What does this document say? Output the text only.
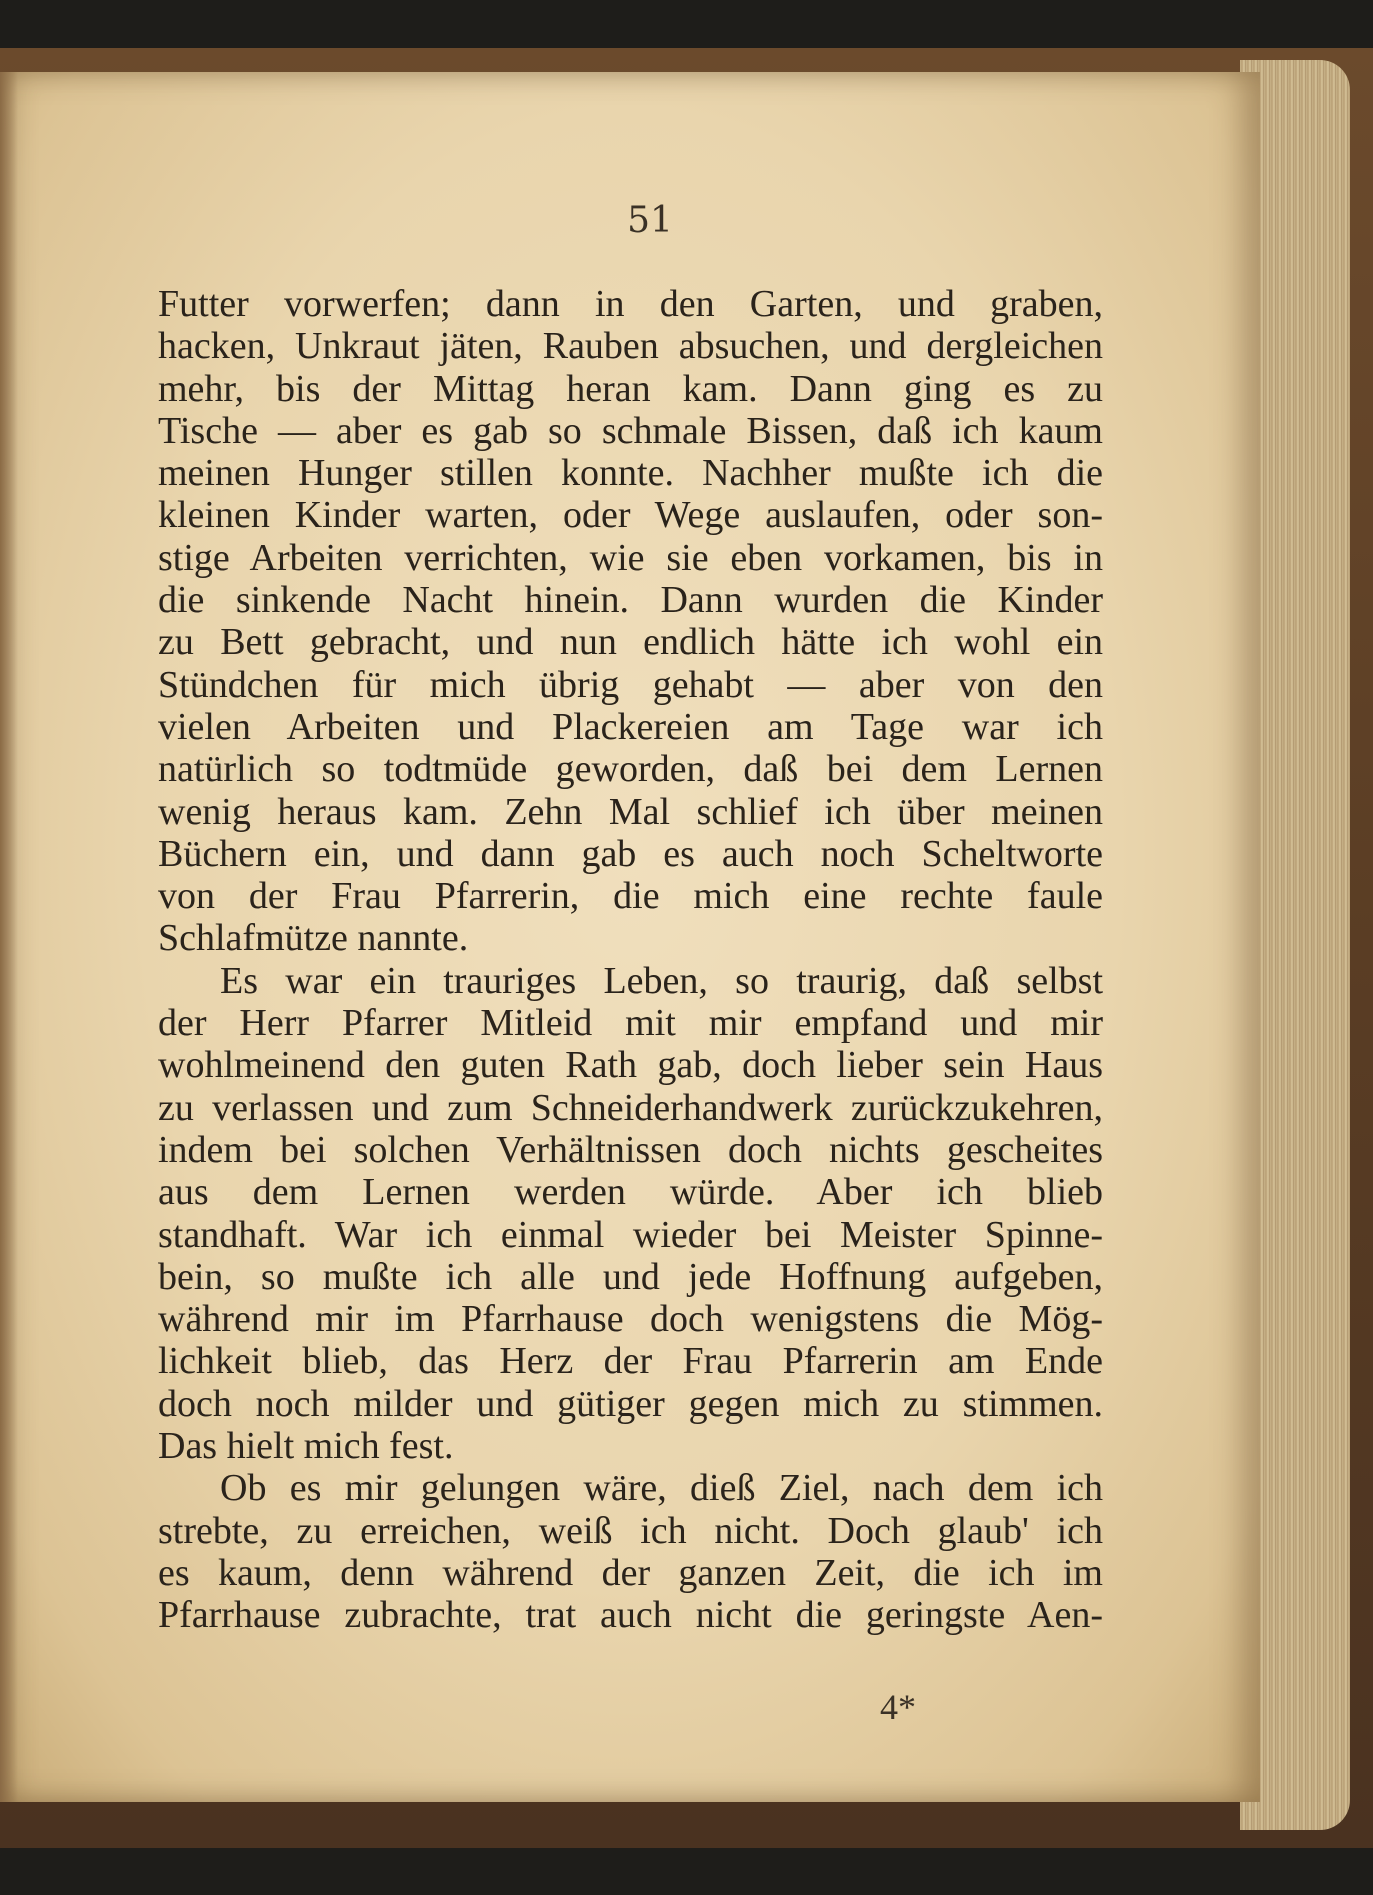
51
Futter vorwerfen; dann in den Garten, und graben,
hacken, Unkraut jäten, Rauben absuchen, und dergleichen
mehr, bis der Mittag heran kam. Dann ging es zu
Tische — aber es gab so schmale Bissen, daß ich kaum
meinen Hunger stillen konnte. Nachher mußte ich die
kleinen Kinder warten, oder Wege auslaufen, oder son-
stige Arbeiten verrichten, wie sie eben vorkamen, bis in
die sinkende Nacht hinein. Dann wurden die Kinder
zu Bett gebracht, und nun endlich hätte ich wohl ein
Stündchen für mich übrig gehabt — aber von den
vielen Arbeiten und Plackereien am Tage war ich
natürlich so todtmüde geworden, daß bei dem Lernen
wenig heraus kam. Zehn Mal schlief ich über meinen
Büchern ein, und dann gab es auch noch Scheltworte
von der Frau Pfarrerin, die mich eine rechte faule
Schlafmütze nannte.
Es war ein trauriges Leben, so traurig, daß selbst
der Herr Pfarrer Mitleid mit mir empfand und mir
wohlmeinend den guten Rath gab, doch lieber sein Haus
zu verlassen und zum Schneiderhandwerk zurückzukehren,
indem bei solchen Verhältnissen doch nichts gescheites
aus dem Lernen werden würde. Aber ich blieb
standhaft. War ich einmal wieder bei Meister Spinne-
bein, so mußte ich alle und jede Hoffnung aufgeben,
während mir im Pfarrhause doch wenigstens die Mög-
lichkeit blieb, das Herz der Frau Pfarrerin am Ende
doch noch milder und gütiger gegen mich zu stimmen.
Das hielt mich fest.
Ob es mir gelungen wäre, dieß Ziel, nach dem ich
strebte, zu erreichen, weiß ich nicht. Doch glaub' ich
es kaum, denn während der ganzen Zeit, die ich im
Pfarrhause zubrachte, trat auch nicht die geringste Aen-
4*
